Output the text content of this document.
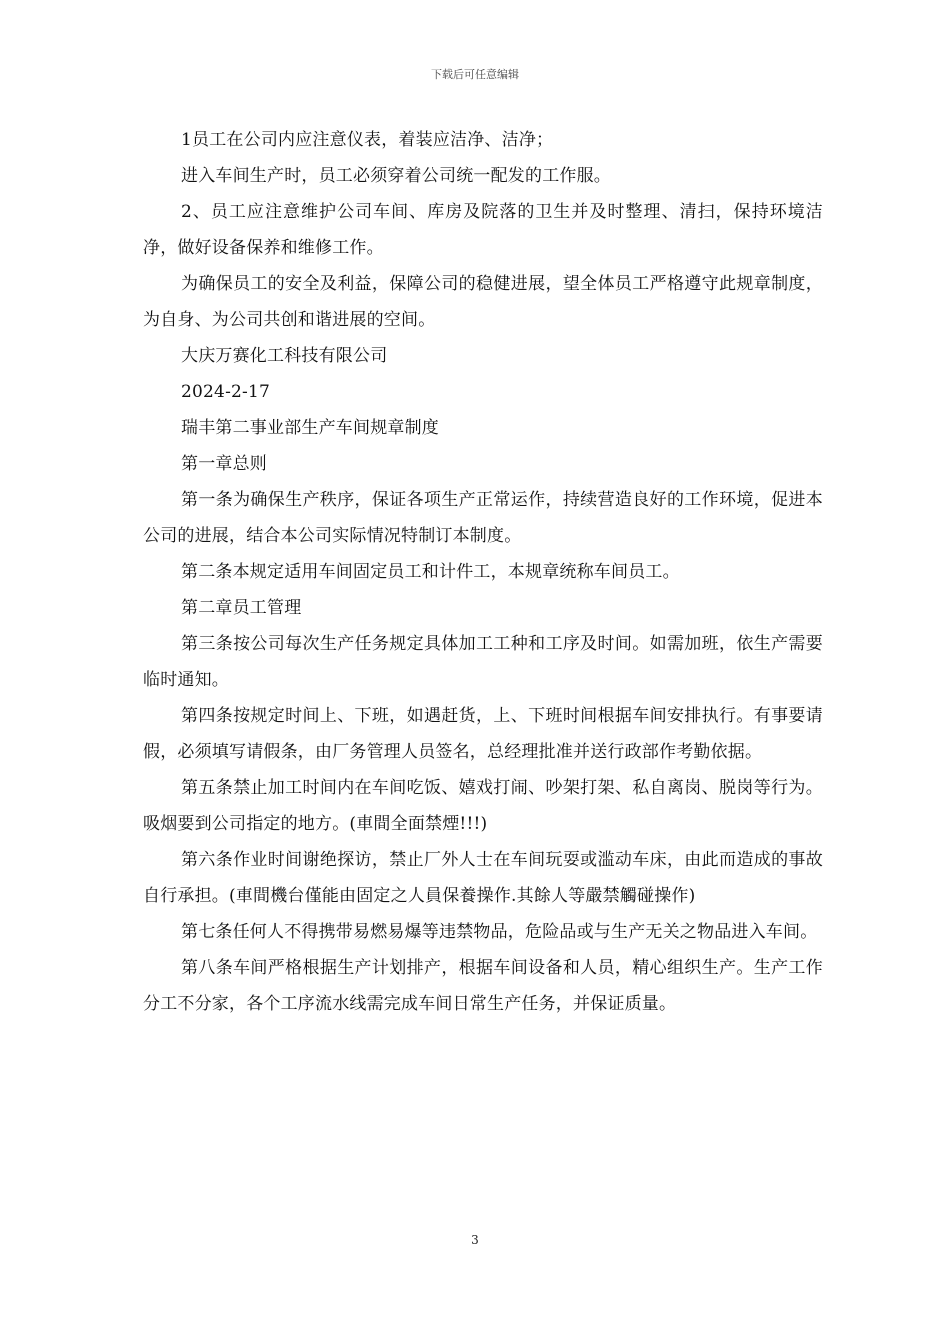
下载后可任意编辑

1员工在公司内应注意仪表，着装应洁净、洁净；

进入车间生产时，员工必须穿着公司统一配发的工作服。

2、员工应注意维护公司车间、库房及院落的卫生并及时整理、清扫，保持环境洁净，做好设备保养和维修工作。

为确保员工的安全及利益，保障公司的稳健进展，望全体员工严格遵守此规章制度，为自身、为公司共创和谐进展的空间。

大庆万赛化工科技有限公司

2024-2-17

瑞丰第二事业部生产车间规章制度

第一章总则

第一条为确保生产秩序，保证各项生产正常运作，持续营造良好的工作环境，促进本公司的进展，结合本公司实际情况特制订本制度。

第二条本规定适用车间固定员工和计件工，本规章统称车间员工。

第二章员工管理

第三条按公司每次生产任务规定具体加工工种和工序及时间。如需加班，依生产需要临时通知。

第四条按规定时间上、下班，如遇赶货，上、下班时间根据车间安排执行。有事要请假，必须填写请假条，由厂务管理人员签名，总经理批准并送行政部作考勤依据。

第五条禁止加工时间内在车间吃饭、嬉戏打闹、吵架打架、私自离岗、脱岗等行为。吸烟要到公司指定的地方。(車間全面禁煙!!!)

第六条作业时间谢绝探访，禁止厂外人士在车间玩耍或滥动车床，由此而造成的事故自行承担。(車間機台僅能由固定之人員保養操作.其餘人等嚴禁觸碰操作)

第七条任何人不得携带易燃易爆等违禁物品，危险品或与生产无关之物品进入车间。

第八条车间严格根据生产计划排产，根据车间设备和人员，精心组织生产。生产工作分工不分家，各个工序流水线需完成车间日常生产任务，并保证质量。

3
